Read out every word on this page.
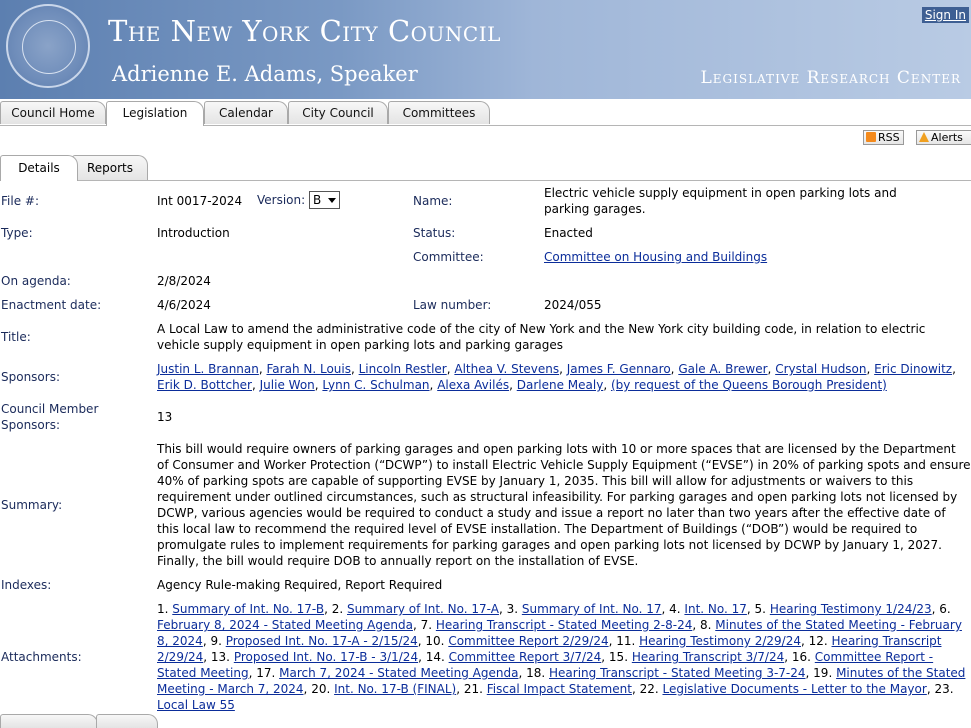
The New York City Council
Adrienne E. Adams, Speaker	Legislative Research Center
Sign In
Council Home	Legislation	Calendar	City Council	Committees
RSS	Alerts
Details	Reports
File #:	Int 0017-2024 Version: B	Name:
Electric vehicle supply equipment in open parking lots and parking garages.
Type:	Introduction	Status:	Enacted
Committee:	Committee on Housing and Buildings
On agenda:	2/8/2024
Enactment date:	4/6/2024	Law number:	2024/055
Title:
A Local Law to amend the administrative code of the city of New York and the New York city building code, in relation to electric vehicle supply equipment in open parking lots and parking garages
Sponsors:
Justin L. Brannan, Farah N. Louis, Lincoln Restler, Althea V. Stevens, James F. Gennaro, Gale A. Brewer, Crystal Hudson, Eric Dinowitz, Erik D. Bottcher, Julie Won, Lynn C. Schulman, Alexa Avilés, Darlene Mealy, (by request of the Queens Borough President)
Council Member
Sponsors:
13
Summary:
This bill would require owners of parking garages and open parking lots with 10 or more spaces that are licensed by the Department of Consumer and Worker Protection (“DCWP”) to install Electric Vehicle Supply Equipment (“EVSE”) in 20% of parking spots and ensure 40% of parking spots are capable of supporting EVSE by January 1, 2035. This bill will allow for adjustments or waivers to this requirement under outlined circumstances, such as structural infeasibility. For parking garages and open parking lots not licensed by DCWP, various agencies would be required to conduct a study and issue a report no later than two years after the effective date of this local law to recommend the required level of EVSE installation. The Department of Buildings (“DOB”) would be required to promulgate rules to implement requirements for parking garages and open parking lots not licensed by DCWP by January 1, 2027. Finally, the bill would require DOB to annually report on the installation of EVSE.
Indexes:	Agency Rule-making Required, Report Required
Attachments:
1. Summary of Int. No. 17-B, 2. Summary of Int. No. 17-A, 3. Summary of Int. No. 17, 4. Int. No. 17, 5. Hearing Testimony 1/24/23, 6. February 8, 2024 - Stated Meeting Agenda, 7. Hearing Transcript - Stated Meeting 2-8-24, 8. Minutes of the Stated Meeting - February 8, 2024, 9. Proposed Int. No. 17-A - 2/15/24, 10. Committee Report 2/29/24, 11. Hearing Testimony 2/29/24, 12. Hearing Transcript 2/29/24, 13. Proposed Int. No. 17-B - 3/1/24, 14. Committee Report 3/7/24, 15. Hearing Transcript 3/7/24, 16. Committee Report - Stated Meeting, 17. March 7, 2024 - Stated Meeting Agenda, 18. Hearing Transcript - Stated Meeting 3-7-24, 19. Minutes of the Stated Meeting - March 7, 2024, 20. Int. No. 17-B (FINAL), 21. Fiscal Impact Statement, 22. Legislative Documents - Letter to the Mayor, 23. Local Law 55
